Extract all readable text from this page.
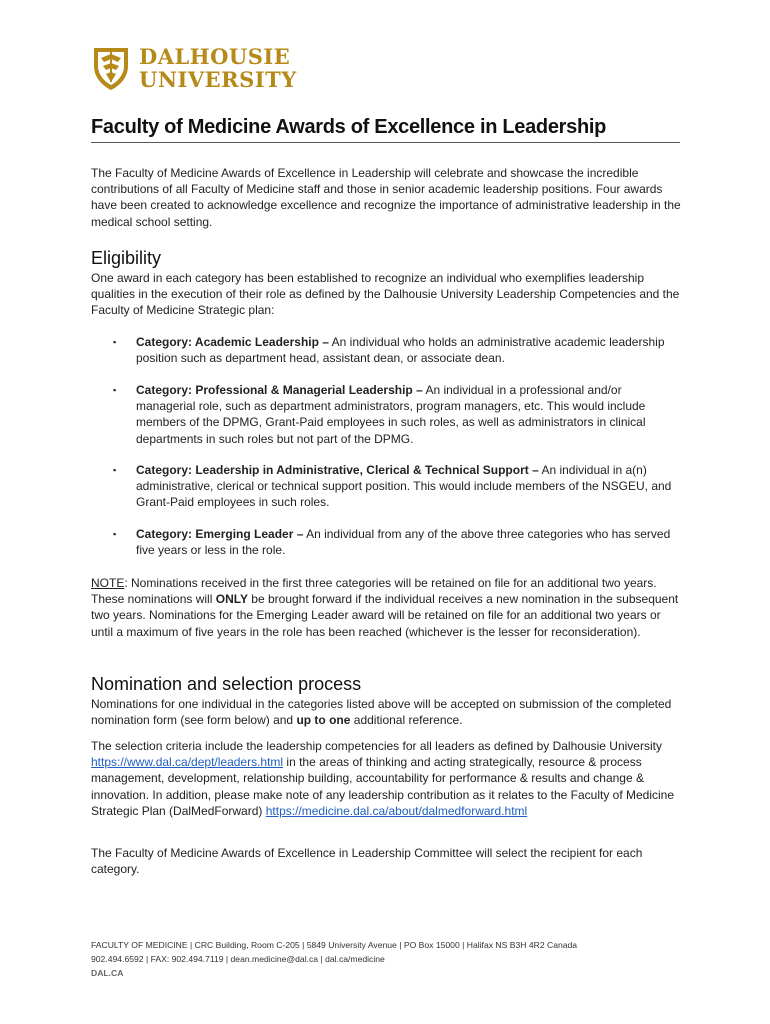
DALHOUSIE
UNIVERSITY
Faculty of Medicine Awards of Excellence in Leadership

The Faculty of Medicine Awards of Excellence in Leadership will celebrate and showcase the incredible contributions of all Faculty of Medicine staff and those in senior academic leadership positions. Four awards have been created to acknowledge excellence and recognize the importance of administrative leadership in the medical school setting.

Eligibility

One award in each category has been established to recognize an individual who exemplifies leadership qualities in the execution of their role as defined by the Dalhousie University Leadership Competencies and the Faculty of Medicine Strategic plan:

▪ Category: Academic Leadership – An individual who holds an administrative academic leadership position such as department head, assistant dean, or associate dean.
▪ Category: Professional & Managerial Leadership – An individual in a professional and/or managerial role, such as department administrators, program managers, etc. This would include members of the DPMG, Grant-Paid employees in such roles, as well as administrators in clinical departments in such roles but not part of the DPMG.
▪ Category: Leadership in Administrative, Clerical & Technical Support – An individual in a(n) administrative, clerical or technical support position. This would include members of the NSGEU, and Grant-Paid employees in such roles.
▪ Category: Emerging Leader – An individual from any of the above three categories who has served five years or less in the role.

NOTE: Nominations received in the first three categories will be retained on file for an additional two years. These nominations will ONLY be brought forward if the individual receives a new nomination in the subsequent two years. Nominations for the Emerging Leader award will be retained on file for an additional two years or until a maximum of five years in the role has been reached (whichever is the lesser for reconsideration).

Nomination and selection process

Nominations for one individual in the categories listed above will be accepted on submission of the completed nomination form (see form below) and up to one additional reference.

The selection criteria include the leadership competencies for all leaders as defined by Dalhousie University https://www.dal.ca/dept/leaders.html in the areas of thinking and acting strategically, resource & process management, development, relationship building, accountability for performance & results and change & innovation. In addition, please make note of any leadership contribution as it relates to the Faculty of Medicine Strategic Plan (DalMedForward) https://medicine.dal.ca/about/dalmedforward.html

The Faculty of Medicine Awards of Excellence in Leadership Committee will select the recipient for each category.

FACULTY OF MEDICINE | CRC Building, Room C-205 | 5849 University Avenue | PO Box 15000 | Halifax NS B3H 4R2 Canada
902.494.6592 | FAX: 902.494.7119 | dean.medicine@dal.ca | dal.ca/medicine
DAL.CA
